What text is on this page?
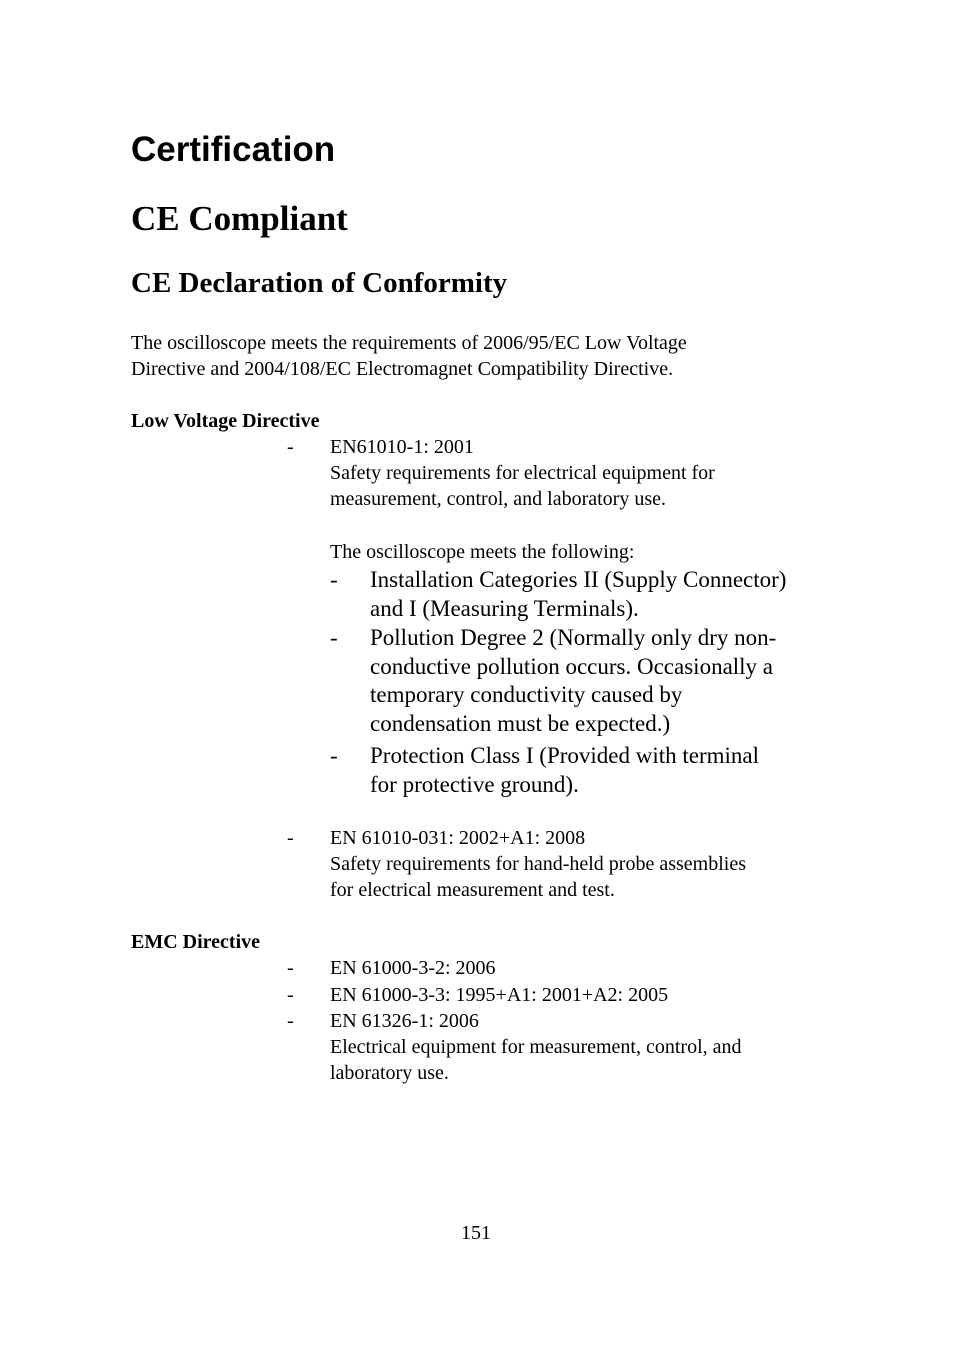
Certification
CE Compliant
CE Declaration of Conformity
The oscilloscope meets the requirements of 2006/95/EC Low Voltage
Directive and 2004/108/EC Electromagnet Compatibility Directive.
Low Voltage Directive
- EN61010-1: 2001
Safety requirements for electrical equipment for
measurement, control, and laboratory use.
The oscilloscope meets the following:
- Installation Categories II (Supply Connector)
and I (Measuring Terminals).
- Pollution Degree 2 (Normally only dry non-
conductive pollution occurs. Occasionally a
temporary conductivity caused by
condensation must be expected.)
- Protection Class I (Provided with terminal
for protective ground).
- EN 61010-031: 2002+A1: 2008
Safety requirements for hand-held probe assemblies
for electrical measurement and test.
EMC Directive
- EN 61000-3-2: 2006
- EN 61000-3-3: 1995+A1: 2001+A2: 2005
- EN 61326-1: 2006
Electrical equipment for measurement, control, and
laboratory use.
151
